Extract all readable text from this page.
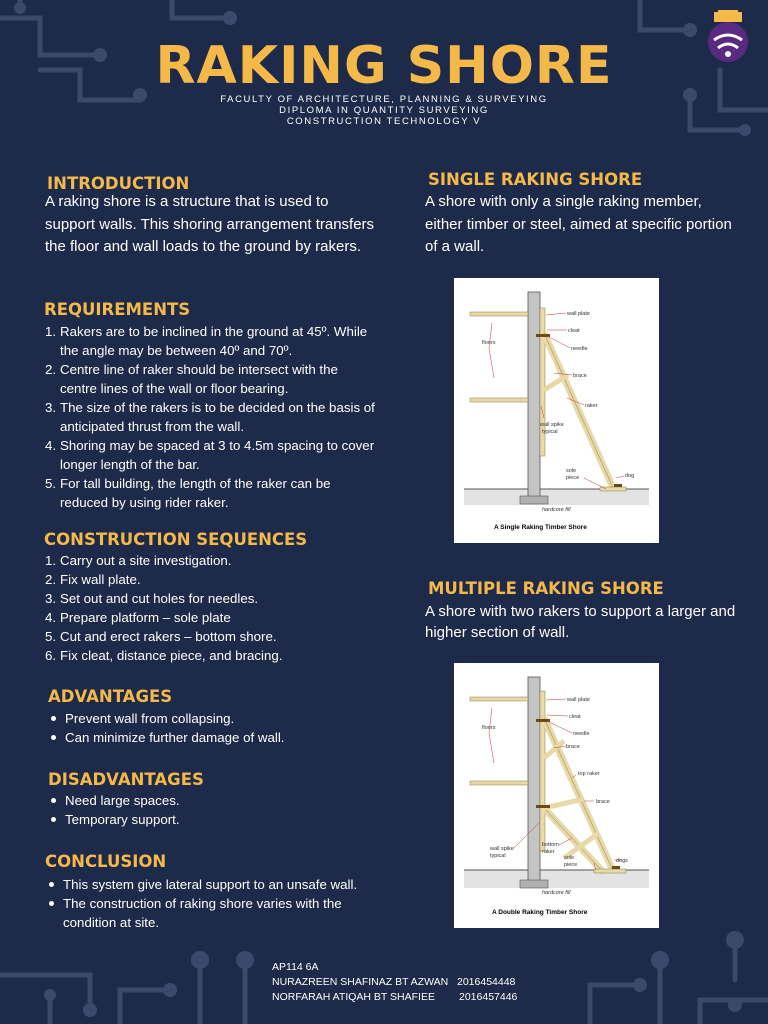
RAKING SHORE
FACULTY OF ARCHITECTURE, PLANNING & SURVEYING
DIPLOMA IN QUANTITY SURVEYING
CONSTRUCTION TECHNOLOGY V
INTRODUCTION
A raking shore is a structure that is used to support walls. This shoring arrangement transfers the floor and wall loads to the ground by rakers.
REQUIREMENTS
1. Rakers are to be inclined in the ground at 45º. While the angle may be between 40º and 70º.
2. Centre line of raker should be intersect with the centre lines of the wall or floor bearing.
3. The size of the rakers is to be decided on the basis of anticipated thrust from the wall.
4. Shoring may be spaced at 3 to 4.5m spacing to cover longer length of the bar.
5. For tall building, the length of the raker can be reduced by using rider raker.
CONSTRUCTION SEQUENCES
1. Carry out a site investigation.
2. Fix wall plate.
3. Set out and cut holes for needles.
4. Prepare platform – sole plate
5. Cut and erect rakers – bottom shore.
6. Fix cleat, distance piece, and bracing.
ADVANTAGES
Prevent wall from collapsing.
Can minimize further damage of wall.
DISADVANTAGES
Need large spaces.
Temporary support.
CONCLUSION
This system give lateral support to an unsafe wall.
The construction of raking shore varies with the condition at site.
SINGLE RAKING SHORE
A shore with only a single raking member, either timber or steel, aimed at specific portion of a wall.
wall plate
cleat
needle
floors
brace
raker
wall spike
typical
sole
piece	dog
hardcore fill
A Single Raking Timber Shore
MULTIPLE RAKING SHORE
A shore with two rakers to support a larger and higher section of wall.
wall plate
cleat
needle
floors
brace
top raker
brace
wall spike
typical
bottom
raker
sole
piece
dogs
hardcore fill
A Double Raking Timber Shore
AP114 6A
NURAZREEN SHAFINAZ BT AZWAN 2016454448
NORFARAH ATIQAH BT SHAFIEE 2016457446
